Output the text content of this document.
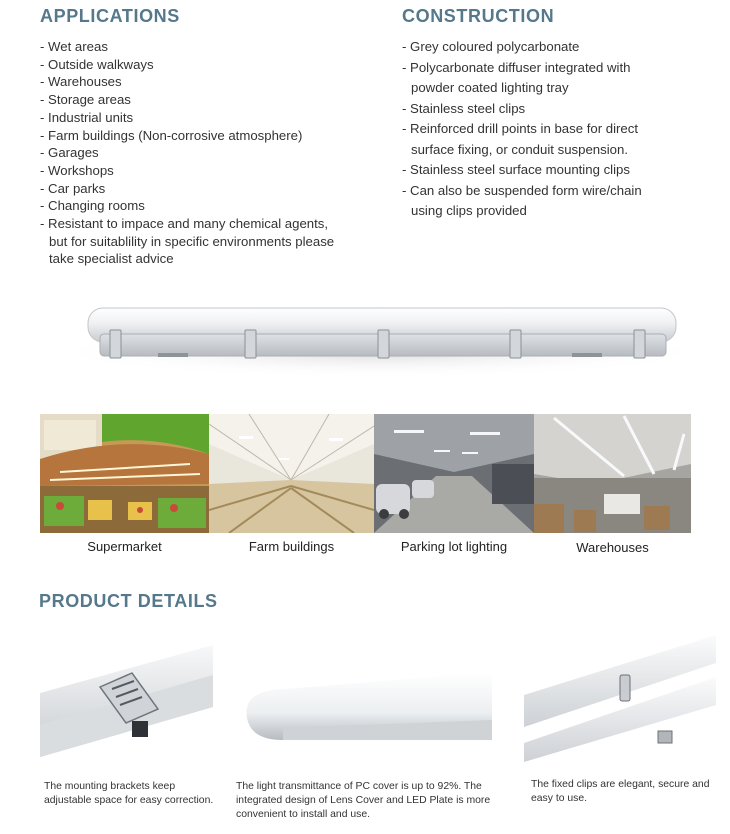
APPLICATIONS
- Wet areas
- Outside walkways
- Warehouses
- Storage areas
- Industrial units
- Farm buildings (Non-corrosive atmosphere)
- Garages
- Workshops
- Car parks
- Changing rooms
- Resistant to impace and many chemical agents, but for suitablility in specific environments please take specialist advice
CONSTRUCTION
- Grey coloured polycarbonate
- Polycarbonate diffuser integrated with powder coated lighting tray
- Stainless steel clips
- Reinforced drill points in base for direct surface fixing, or conduit suspension.
- Stainless steel surface mounting clips
- Can also be suspended form wire/chain using clips provided
Supermarket	Farm buildings	Parking lot lighting	Warehouses
PRODUCT DETAILS
The mounting brackets keep adjustable space for easy correction.
The light transmittance of PC cover is up to 92%. The integrated design of Lens Cover and LED Plate is more convenient to install and use.
The fixed clips are elegant, secure and easy to use.
